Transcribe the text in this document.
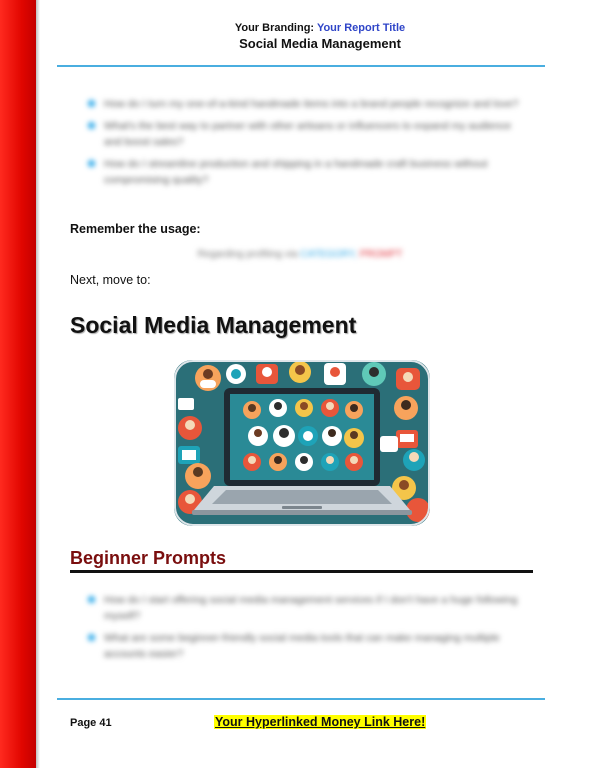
Your Branding: Your Report Title
Social Media Management
How do I turn my one-of-a-kind handmade items into a brand people recognize and love?
What's the best way to partner with other artisans or influencers to expand my audience and boost sales?
How do I streamline production and shipping in a handmade craft business without compromising quality?
Remember the usage:
Regarding profiting via CATEGORY, PROMPT
Next, move to:
Social Media Management
Beginner Prompts
How do I start offering social media management services if I don't have a huge following myself?
What are some beginner-friendly social media tools that can make managing multiple accounts easier?
Page 41	Your Hyperlinked Money Link Here!
